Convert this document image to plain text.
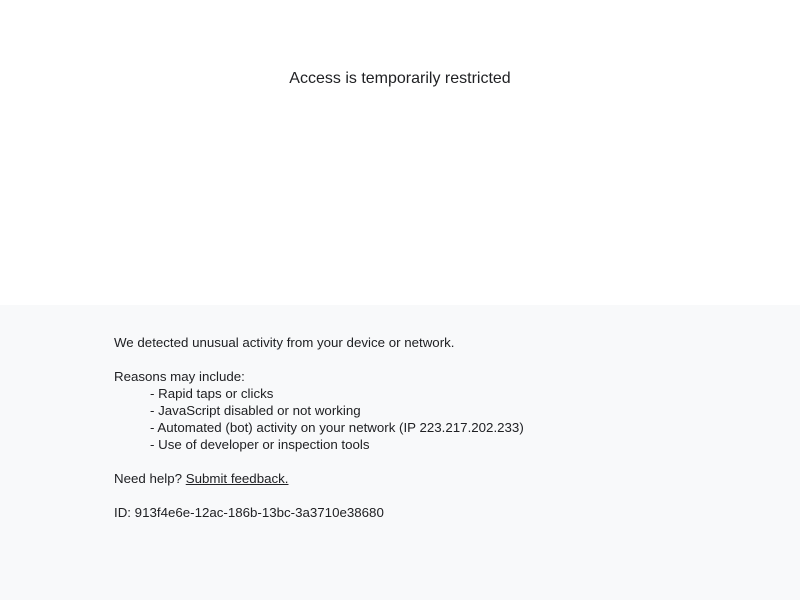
Access is temporarily restricted

We detected unusual activity from your device or network.

Reasons may include:

- Rapid taps or clicks
- JavaScript disabled or not working
- Automated (bot) activity on your network (IP 223.217.202.233)
- Use of developer or inspection tools

Need help? Submit feedback.

ID: 913f4e6e-12ac-186b-13bc-3a3710e38680
